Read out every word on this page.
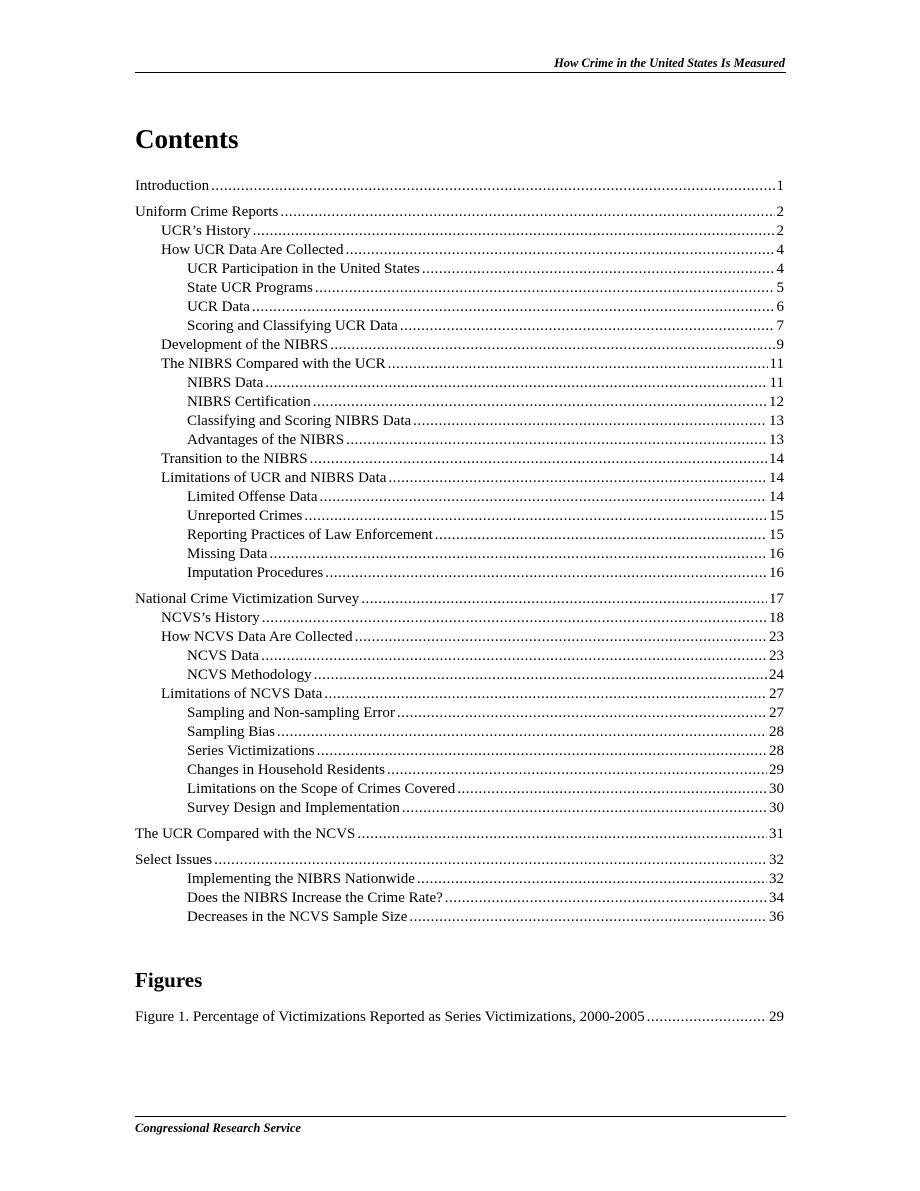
How Crime in the United States Is Measured
Contents
Introduction .....	1
Uniform Crime Reports .....	2
UCR’s History .....	2
How UCR Data Are Collected .....	4
UCR Participation in the United States .....	4
State UCR Programs .....	5
UCR Data .....	6
Scoring and Classifying UCR Data .....	7
Development of the NIBRS .....	9
The NIBRS Compared with the UCR .....	11
NIBRS Data .....	11
NIBRS Certification .....	12
Classifying and Scoring NIBRS Data .....	13
Advantages of the NIBRS .....	13
Transition to the NIBRS .....	14
Limitations of UCR and NIBRS Data .....	14
Limited Offense Data .....	14
Unreported Crimes .....	15
Reporting Practices of Law Enforcement .....	15
Missing Data .....	16
Imputation Procedures .....	16
National Crime Victimization Survey .....	17
NCVS’s History .....	18
How NCVS Data Are Collected .....	23
NCVS Data .....	23
NCVS Methodology .....	24
Limitations of NCVS Data .....	27
Sampling and Non-sampling Error .....	27
Sampling Bias .....	28
Series Victimizations .....	28
Changes in Household Residents .....	29
Limitations on the Scope of Crimes Covered .....	30
Survey Design and Implementation .....	30
The UCR Compared with the NCVS .....	31
Select Issues .....	32
Implementing the NIBRS Nationwide .....	32
Does the NIBRS Increase the Crime Rate? .....	34
Decreases in the NCVS Sample Size .....	36
Figures
Figure 1. Percentage of Victimizations Reported as Series Victimizations, 2000-2005 .....	29
Congressional Research Service
